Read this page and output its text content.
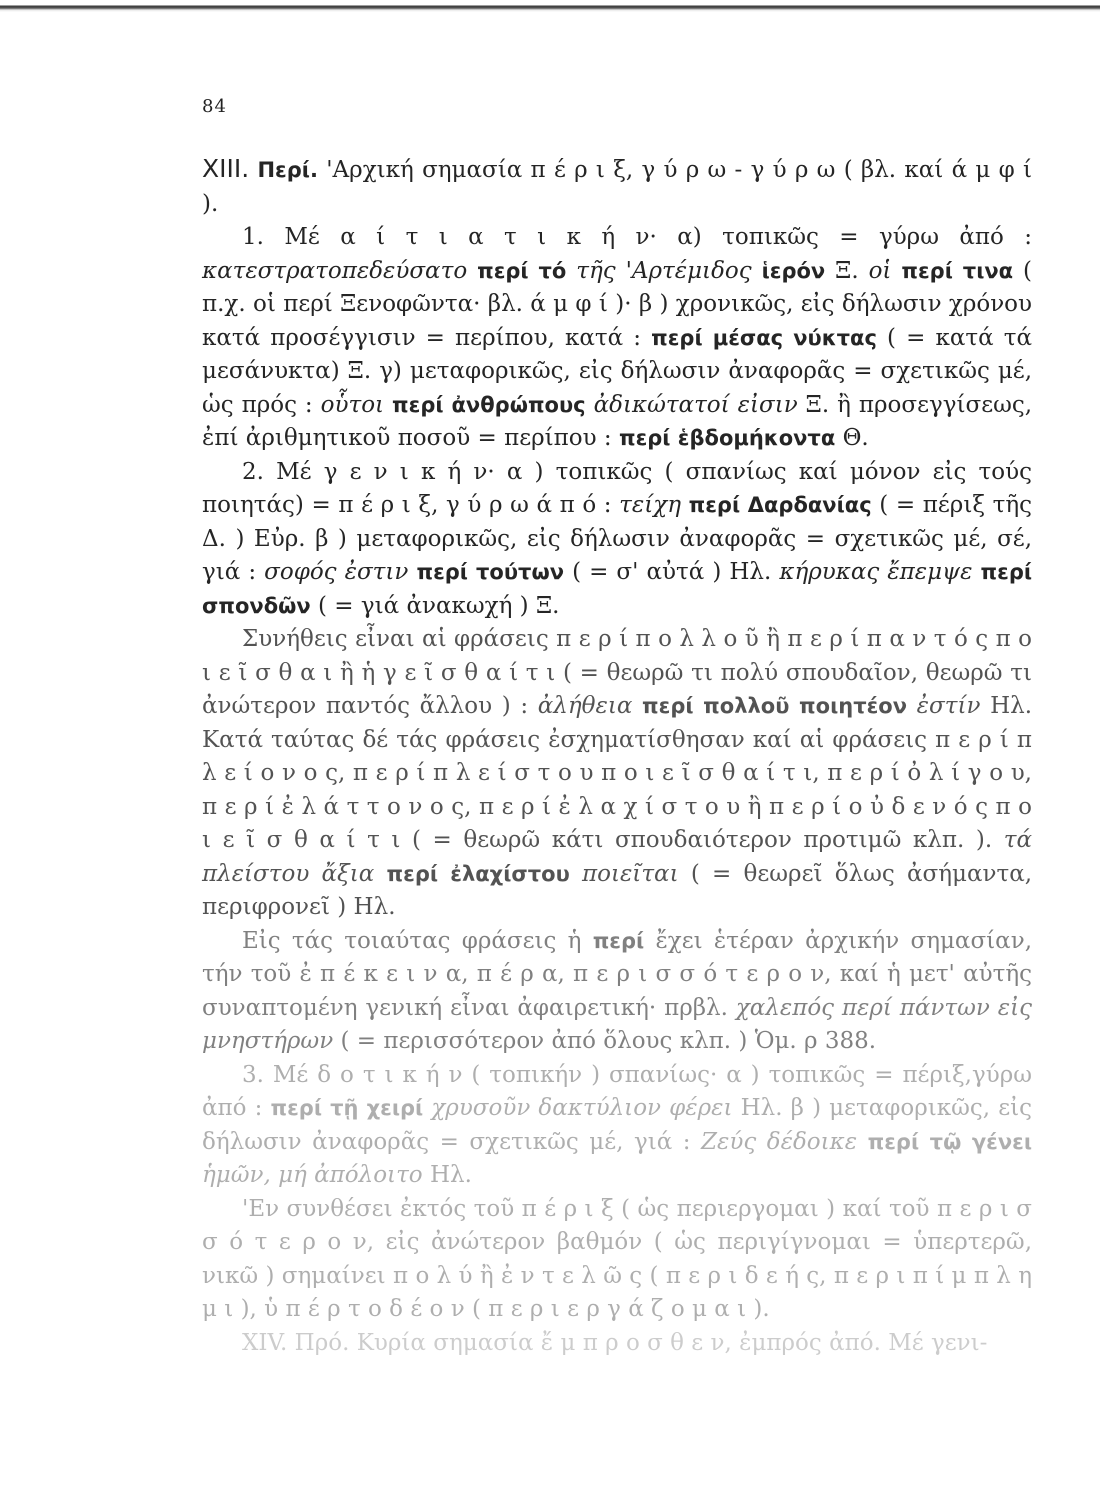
84

XIII. Περί. 'Αρχική σημασία π έ ρ ι ξ, γ ύ ρ ω - γ ύ ρ ω ( βλ. καί ά μ φ ί ).

1. Μέ α ί τ ι α τ ι κ ή ν· α) τοπικῶς = γύρω ἀπό : κατεστρατοπεδεύσατο περί τό τῆς 'Αρτέμιδος ἱερόν Ξ. οἱ περί τινα ( π.χ. οἱ περί Ξενοφῶντα· βλ. ά μ φ ί )· β ) χρονικῶς, εἰς δήλωσιν χρόνου κατά προσέγγισιν = περίπου, κατά : περί μέσας νύκτας ( = κατά τά μεσάνυκτα) Ξ. γ) μεταφορικῶς, εἰς δήλωσιν ἀναφορᾶς = σχετικῶς μέ, ὡς πρός : οὗτοι περί ἀνθρώπους ἀδικώτατοί εἰσιν Ξ. ἢ προσεγγίσεως, ἐπί ἀριθμητικοῦ ποσοῦ = περίπου : περί ἑβδομήκοντα Θ.

2. Μέ γ ε ν ι κ ή ν· α ) τοπικῶς ( σπανίως καί μόνον εἰς τούς ποιητάς) = π έ ρ ι ξ, γ ύ ρ ω ά π ό : τείχη περί Δαρδανίας ( = πέριξ τῆς Δ. ) Εὐρ. β ) μεταφορικῶς, εἰς δήλωσιν ἀναφορᾶς = σχετικῶς μέ, σέ, γιά : σοφός ἐστιν περί τούτων ( = σ' αὐτά ) Ηλ. κήρυκας ἔπεμψε περί σπονδῶν ( = γιά ἀνακωχή ) Ξ.

Συνήθεις εἶναι αἱ φράσεις π ε ρ ί π ο λ λ ο ῦ ἢ π ε ρ ί π α ν τ ό ς π ο ι ε ῖ σ θ α ι ἢ ἡ γ ε ῖ σ θ α ί τ ι ( = θεωρῶ τι πολύ σπουδαῖον, θεωρῶ τι ἀνώτερον παντός ἄλλου ) : ἀλήθεια περί πολλοῦ ποιητέον ἐστίν Ηλ. Κατά ταύτας δέ τάς φράσεις ἐσχηματίσθησαν καί αἱ φράσεις π ε ρ ί π λ ε ί ο ν ο ς, π ε ρ ί π λ ε ί σ τ ο υ π ο ι ε ῖ σ θ α ί τ ι, π ε ρ ί ὀ λ ί γ ο υ, π ε ρ ί ἐ λ ά τ τ ο ν ο ς, π ε ρ ί ἐ λ α χ ί σ τ ο υ ἢ π ε ρ ί ο ὐ δ ε ν ό ς π ο ι ε ῖ σ θ α ί τ ι ( = θεωρῶ κάτι σπουδαιότερον προτιμῶ κλπ. ). τά πλείστου ἄξια περί ἐλαχίστου ποιεῖται ( = θεωρεῖ ὅλως ἀσήμαντα, περιφρονεῖ ) Ηλ.

Εἰς τάς τοιαύτας φράσεις ἡ περί ἔχει ἑτέραν ἀρχικήν σημασίαν, τήν τοῦ ἐ π έ κ ε ι ν α, π έ ρ α, π ε ρ ι σ σ ό τ ε ρ ο ν, καί ἡ μετ' αὐτῆς συναπτομένη γενική εἶναι ἀφαιρετική· πρβλ. χαλεπός περί πάντων εἰς μνηστήρων ( = περισσότερον ἀπό ὅλους κλπ. ) Ὁμ. ρ 388.

3. Μέ δ ο τ ι κ ή ν ( τοπικήν ) σπανίως· α ) τοπικῶς = πέριξ,γύρω ἀπό : περί τῇ χειρί χρυσοῦν δακτύλιον φέρει Ηλ. β ) μεταφορικῶς, εἰς δήλωσιν ἀναφορᾶς = σχετικῶς μέ, γιά : Ζεύς δέδοικε περί τῷ γένει ἡμῶν, μή ἀπόλοιτο Ηλ.

'Εν συνθέσει ἐκτός τοῦ π έ ρ ι ξ ( ὡς περιεργομαι ) καί τοῦ π ε ρ ι σ σ ό τ ε ρ ο ν, εἰς ἀνώτερον βαθμόν ( ὡς περιγίγνομαι = ὑπερτερῶ, νικῶ ) σημαίνει π ο λ ύ ἢ ἐ ν τ ε λ ῶ ς ( π ε ρ ι δ ε ή ς, π ε ρ ι π ί μ π λ η μ ι ), ὑ π έ ρ τ ο δ έ ο ν ( π ε ρ ι ε ρ γ ά ζ ο μ α ι ).

XIV. Πρό. Κυρία σημασία ἔ μ π ρ ο σ θ ε ν, ἐμπρός ἀπό. Μέ γενι-
